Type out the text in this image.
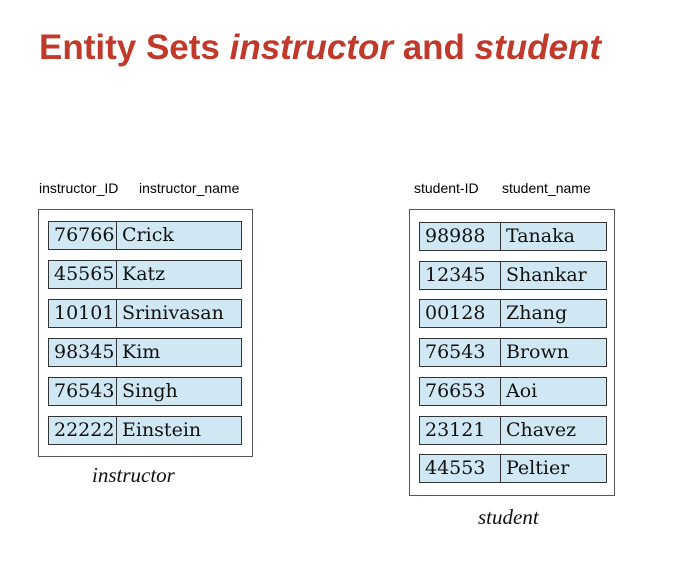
Entity Sets instructor and student
instructor_ID instructor_name
76766 Crick
45565 Katz
10101 Srinivasan
98345 Kim
76543 Singh
22222 Einstein
instructor
student-ID student_name
98988	Tanaka
12345	Shankar
00128	Zhang
76543	Brown
76653	Aoi
23121	Chavez
44553	Peltier
student
